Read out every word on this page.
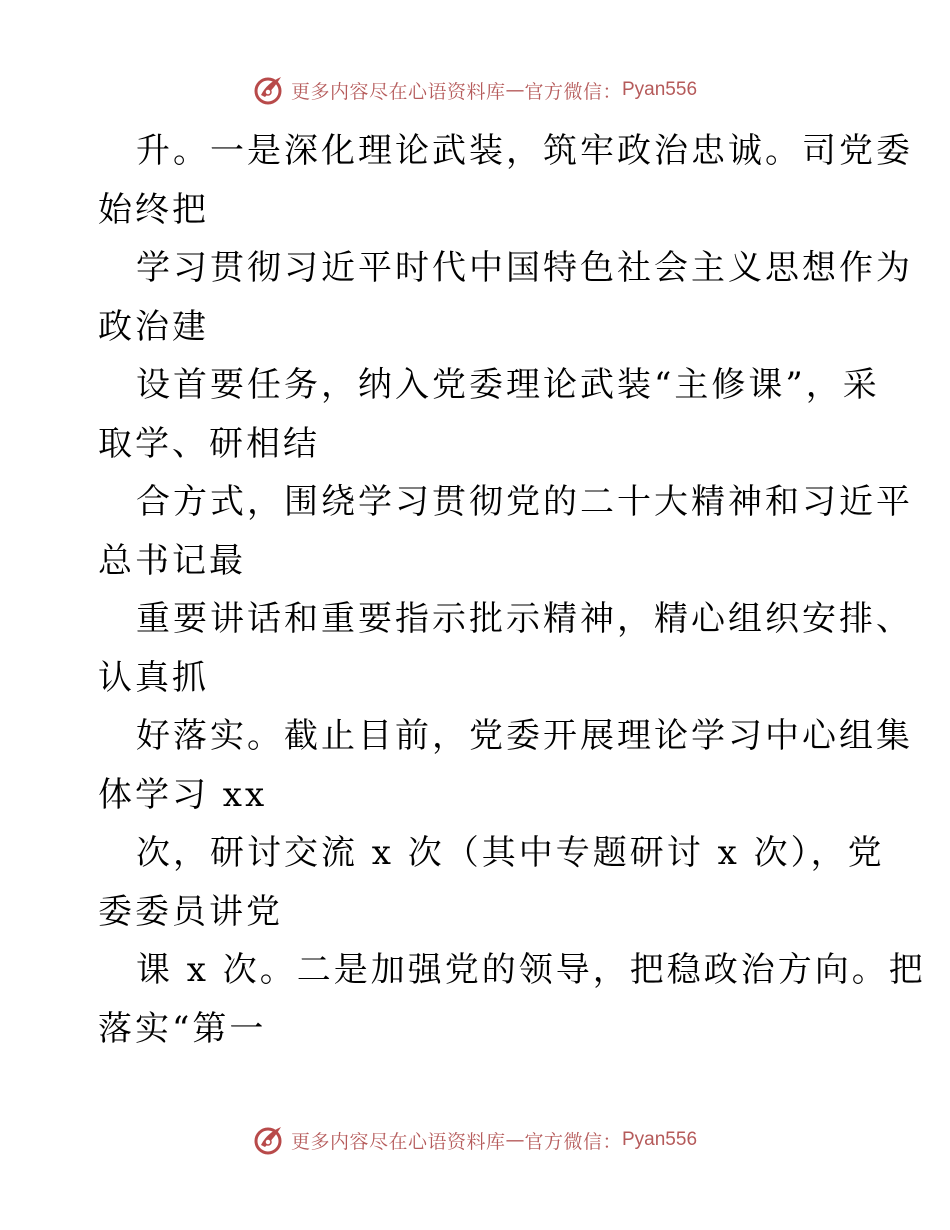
更多内容尽在心语资料库 — 官方微信： Pyan556
升。一是深化理论武装，筑牢政治忠诚。司党委
始终把
学习贯彻习近平时代中国特色社会主义思想作为
政治建
设首要任务，纳入党委理论武装“主修课”，采
取学、研相结
合方式，围绕学习贯彻党的二十大精神和习近平
总书记最
重要讲话和重要指示批示精神，精心组织安排、
认真抓
好落实。截止目前，党委开展理论学习中心组集
体学习 xx
次，研讨交流 x 次（其中专题研讨 x 次），党
委委员讲党
课 x 次。二是加强党的领导，把稳政治方向。把
落实“第一
更多内容尽在心语资料库 — 官方微信： Pyan556
